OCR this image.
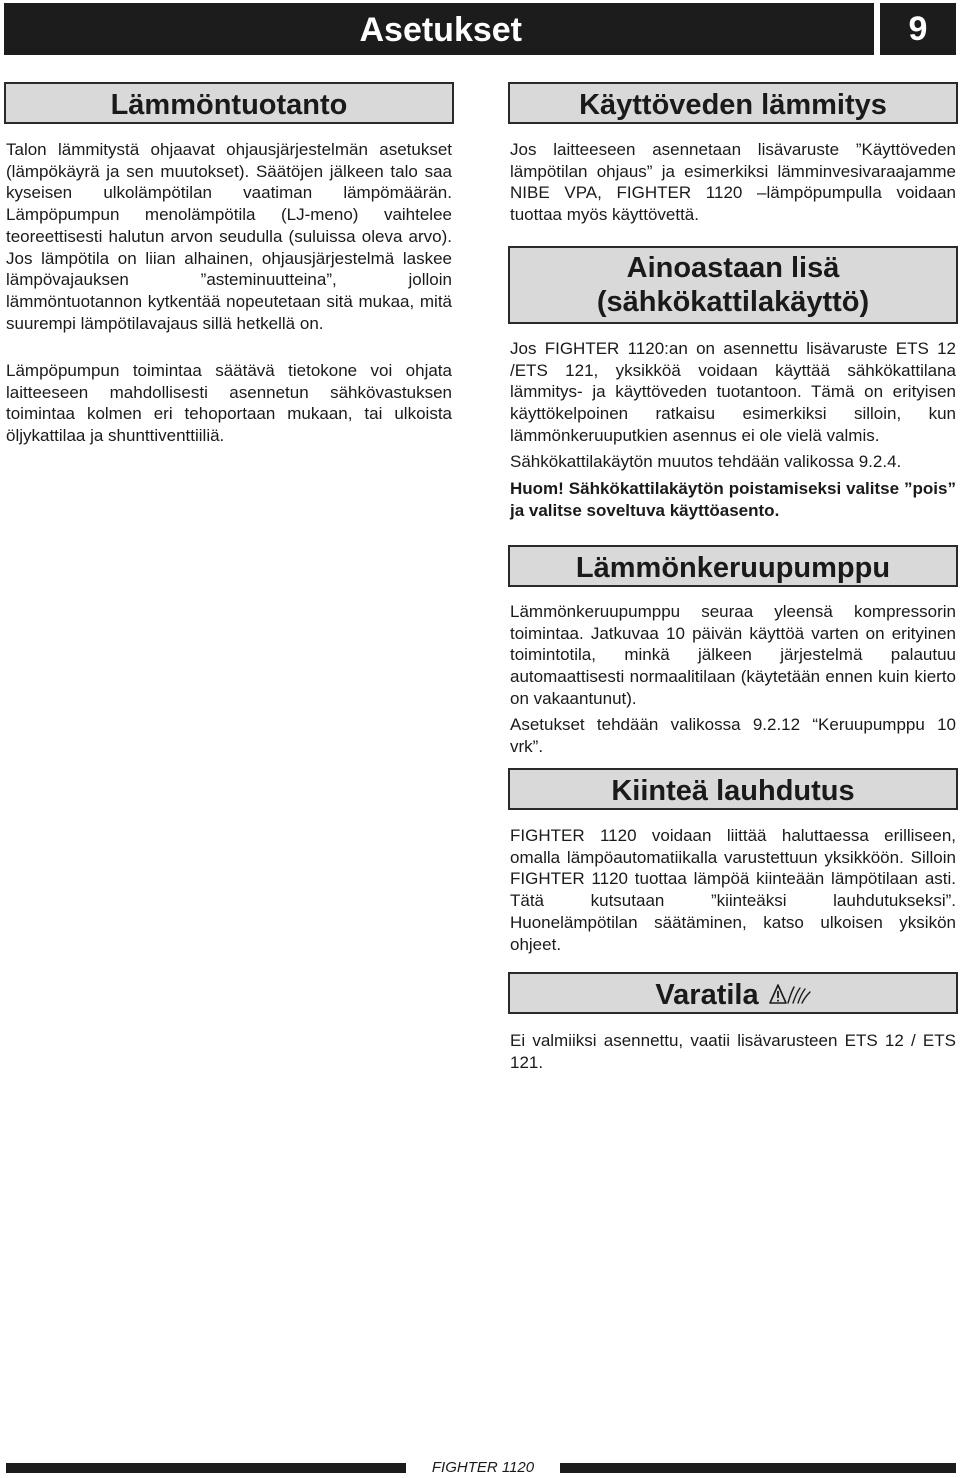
Asetukset	9
Lämmöntuotanto

Talon lämmitystä ohjaavat ohjausjärjestelmän asetukset (lämpökäyrä ja sen muutokset). Säätöjen jälkeen talo saa kyseisen ulkolämpötilan vaatiman lämpömäärän. Lämpöpumpun menolämpötila (LJ-meno) vaihtelee teoreettisesti halutun arvon seudulla (suluissa oleva arvo). Jos lämpötila on liian alhainen, ohjausjärjestelmä laskee lämpövajauksen ”asteminuutteina”, jolloin lämmöntuotannon kytkentää nopeutetaan sitä mukaa, mitä suurempi lämpötilavajaus sillä hetkellä on.

Lämpöpumpun toimintaa säätävä tietokone voi ohjata laitteeseen mahdollisesti asennetun sähkövastuksen toimintaa kolmen eri tehoportaan mukaan, tai ulkoista öljykattilaa ja shunttiventtiiliä.

Käyttöveden lämmitys

Jos laitteeseen asennetaan lisävaruste ”Käyttöveden lämpötilan ohjaus” ja esimerkiksi lämminvesivaraajamme NIBE VPA, FIGHTER 1120 –lämpöpumpulla voidaan tuottaa myös käyttövettä.

Ainoastaan lisä
(sähkökattilakäyttö)

Jos FIGHTER 1120:an on asennettu lisävaruste ETS 12 /ETS 121, yksikköä voidaan käyttää sähkökattilana lämmitys- ja käyttöveden tuotantoon. Tämä on erityisen käyttökelpoinen ratkaisu esimerkiksi silloin, kun lämmönkeruuputkien asennus ei ole vielä valmis.

Sähkökattilakäytön muutos tehdään valikossa 9.2.4.

Huom! Sähkökattilakäytön poistamiseksi valitse ”pois” ja valitse soveltuva käyttöasento.

Lämmönkeruupumppu

Lämmönkeruupumppu seuraa yleensä kompressorin toimintaa. Jatkuvaa 10 päivän käyttöä varten on erityinen toimintotila, minkä jälkeen järjestelmä palautuu automaattisesti normaalitilaan (käytetään ennen kuin kierto on vakaantunut).

Asetukset tehdään valikossa 9.2.12 “Keruupumppu 10 vrk”.

Kiinteä lauhdutus

FIGHTER 1120 voidaan liittää haluttaessa erilliseen, omalla lämpöautomatiikalla varustettuun yksikköön. Silloin FIGHTER 1120 tuottaa lämpöä kiinteään lämpötilaan asti. Tätä kutsutaan ”kiinteäksi lauhdutukseksi”. Huonelämpötilan säätäminen, katso ulkoisen yksikön ohjeet.

Varatila

Ei valmiiksi asennettu, vaatii lisävarusteen ETS 12 / ETS 121.

FIGHTER 1120
